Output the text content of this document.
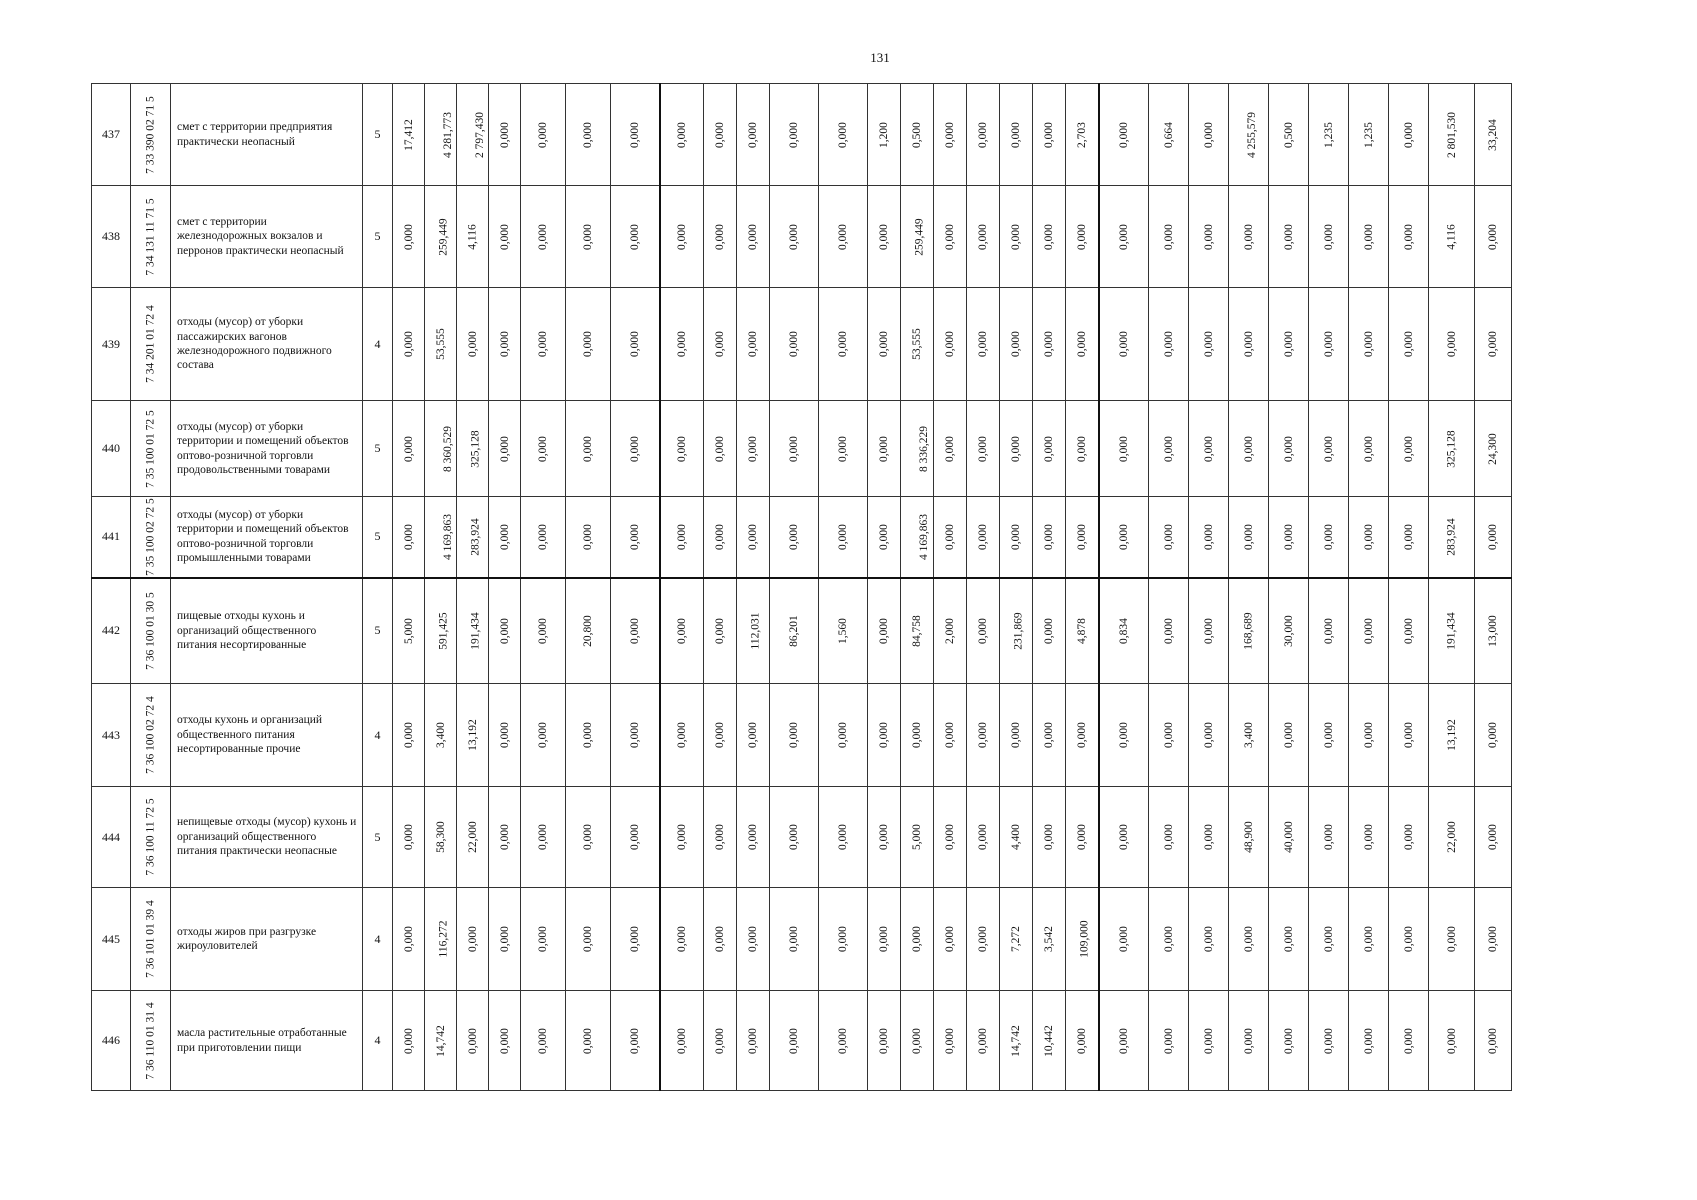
131
437	7 33 390 02 71 5	смет с территории предприятия практически неопасный	5	17,412	4 281,773	2 797,430	0,000	0,000	0,000	0,000	0,000	0,000	0,000	0,000	0,000	1,200	0,500	0,000	0,000	0,000	0,000	2,703	0,000	0,664	0,000	4 255,579	0,500	1,235	1,235	0,000	2 801,530	33,204
438	7 34 131 11 71 5	смет с территории железнодорожных вокзалов и перронов практически неопасный	5	0,000	259,449	4,116	0,000	0,000	0,000	0,000	0,000	0,000	0,000	0,000	0,000	0,000	259,449	0,000	0,000	0,000	0,000	0,000	0,000	0,000	0,000	0,000	0,000	0,000	0,000	0,000	4,116	0,000
439	7 34 201 01 72 4	отходы (мусор) от уборки пассажирских вагонов железнодорожного подвижного состава	4	0,000	53,555	0,000	0,000	0,000	0,000	0,000	0,000	0,000	0,000	0,000	0,000	0,000	53,555	0,000	0,000	0,000	0,000	0,000	0,000	0,000	0,000	0,000	0,000	0,000	0,000	0,000	0,000	0,000
440	7 35 100 01 72 5	отходы (мусор) от уборки территории и помещений объектов оптово-розничной торговли продовольственными товарами	5	0,000	8 360,529	325,128	0,000	0,000	0,000	0,000	0,000	0,000	0,000	0,000	0,000	0,000	8 336,229	0,000	0,000	0,000	0,000	0,000	0,000	0,000	0,000	0,000	0,000	0,000	0,000	0,000	325,128	24,300
441	7 35 100 02 72 5	отходы (мусор) от уборки территории и помещений объектов оптово-розничной торговли промышленными товарами	5	0,000	4 169,863	283,924	0,000	0,000	0,000	0,000	0,000	0,000	0,000	0,000	0,000	0,000	4 169,863	0,000	0,000	0,000	0,000	0,000	0,000	0,000	0,000	0,000	0,000	0,000	0,000	0,000	283,924	0,000
442	7 36 100 01 30 5	пищевые отходы кухонь и организаций общественного питания несортированные	5	5,000	591,425	191,434	0,000	0,000	20,800	0,000	0,000	0,000	112,031	86,201	1,560	0,000	84,758	2,000	0,000	231,869	0,000	4,878	0,834	0,000	0,000	168,689	30,000	0,000	0,000	0,000	191,434	13,000
443	7 36 100 02 72 4	отходы кухонь и организаций общественного питания несортированные прочие	4	0,000	3,400	13,192	0,000	0,000	0,000	0,000	0,000	0,000	0,000	0,000	0,000	0,000	0,000	0,000	0,000	0,000	0,000	0,000	0,000	0,000	0,000	3,400	0,000	0,000	0,000	0,000	13,192	0,000
444	7 36 100 11 72 5	непищевые отходы (мусор) кухонь и организаций общественного питания практически неопасные	5	0,000	58,300	22,000	0,000	0,000	0,000	0,000	0,000	0,000	0,000	0,000	0,000	0,000	5,000	0,000	0,000	4,400	0,000	0,000	0,000	0,000	0,000	48,900	40,000	0,000	0,000	0,000	22,000	0,000
445	7 36 101 01 39 4	отходы жиров при разгрузке жироуловителей	4	0,000	116,272	0,000	0,000	0,000	0,000	0,000	0,000	0,000	0,000	0,000	0,000	0,000	0,000	0,000	0,000	7,272	3,542	109,000	0,000	0,000	0,000	0,000	0,000	0,000	0,000	0,000	0,000	0,000
446	7 36 110 01 31 4	масла растительные отработанные при приготовлении пищи	4	0,000	14,742	0,000	0,000	0,000	0,000	0,000	0,000	0,000	0,000	0,000	0,000	0,000	0,000	0,000	0,000	14,742	10,442	0,000	0,000	0,000	0,000	0,000	0,000	0,000	0,000	0,000	0,000	0,000
